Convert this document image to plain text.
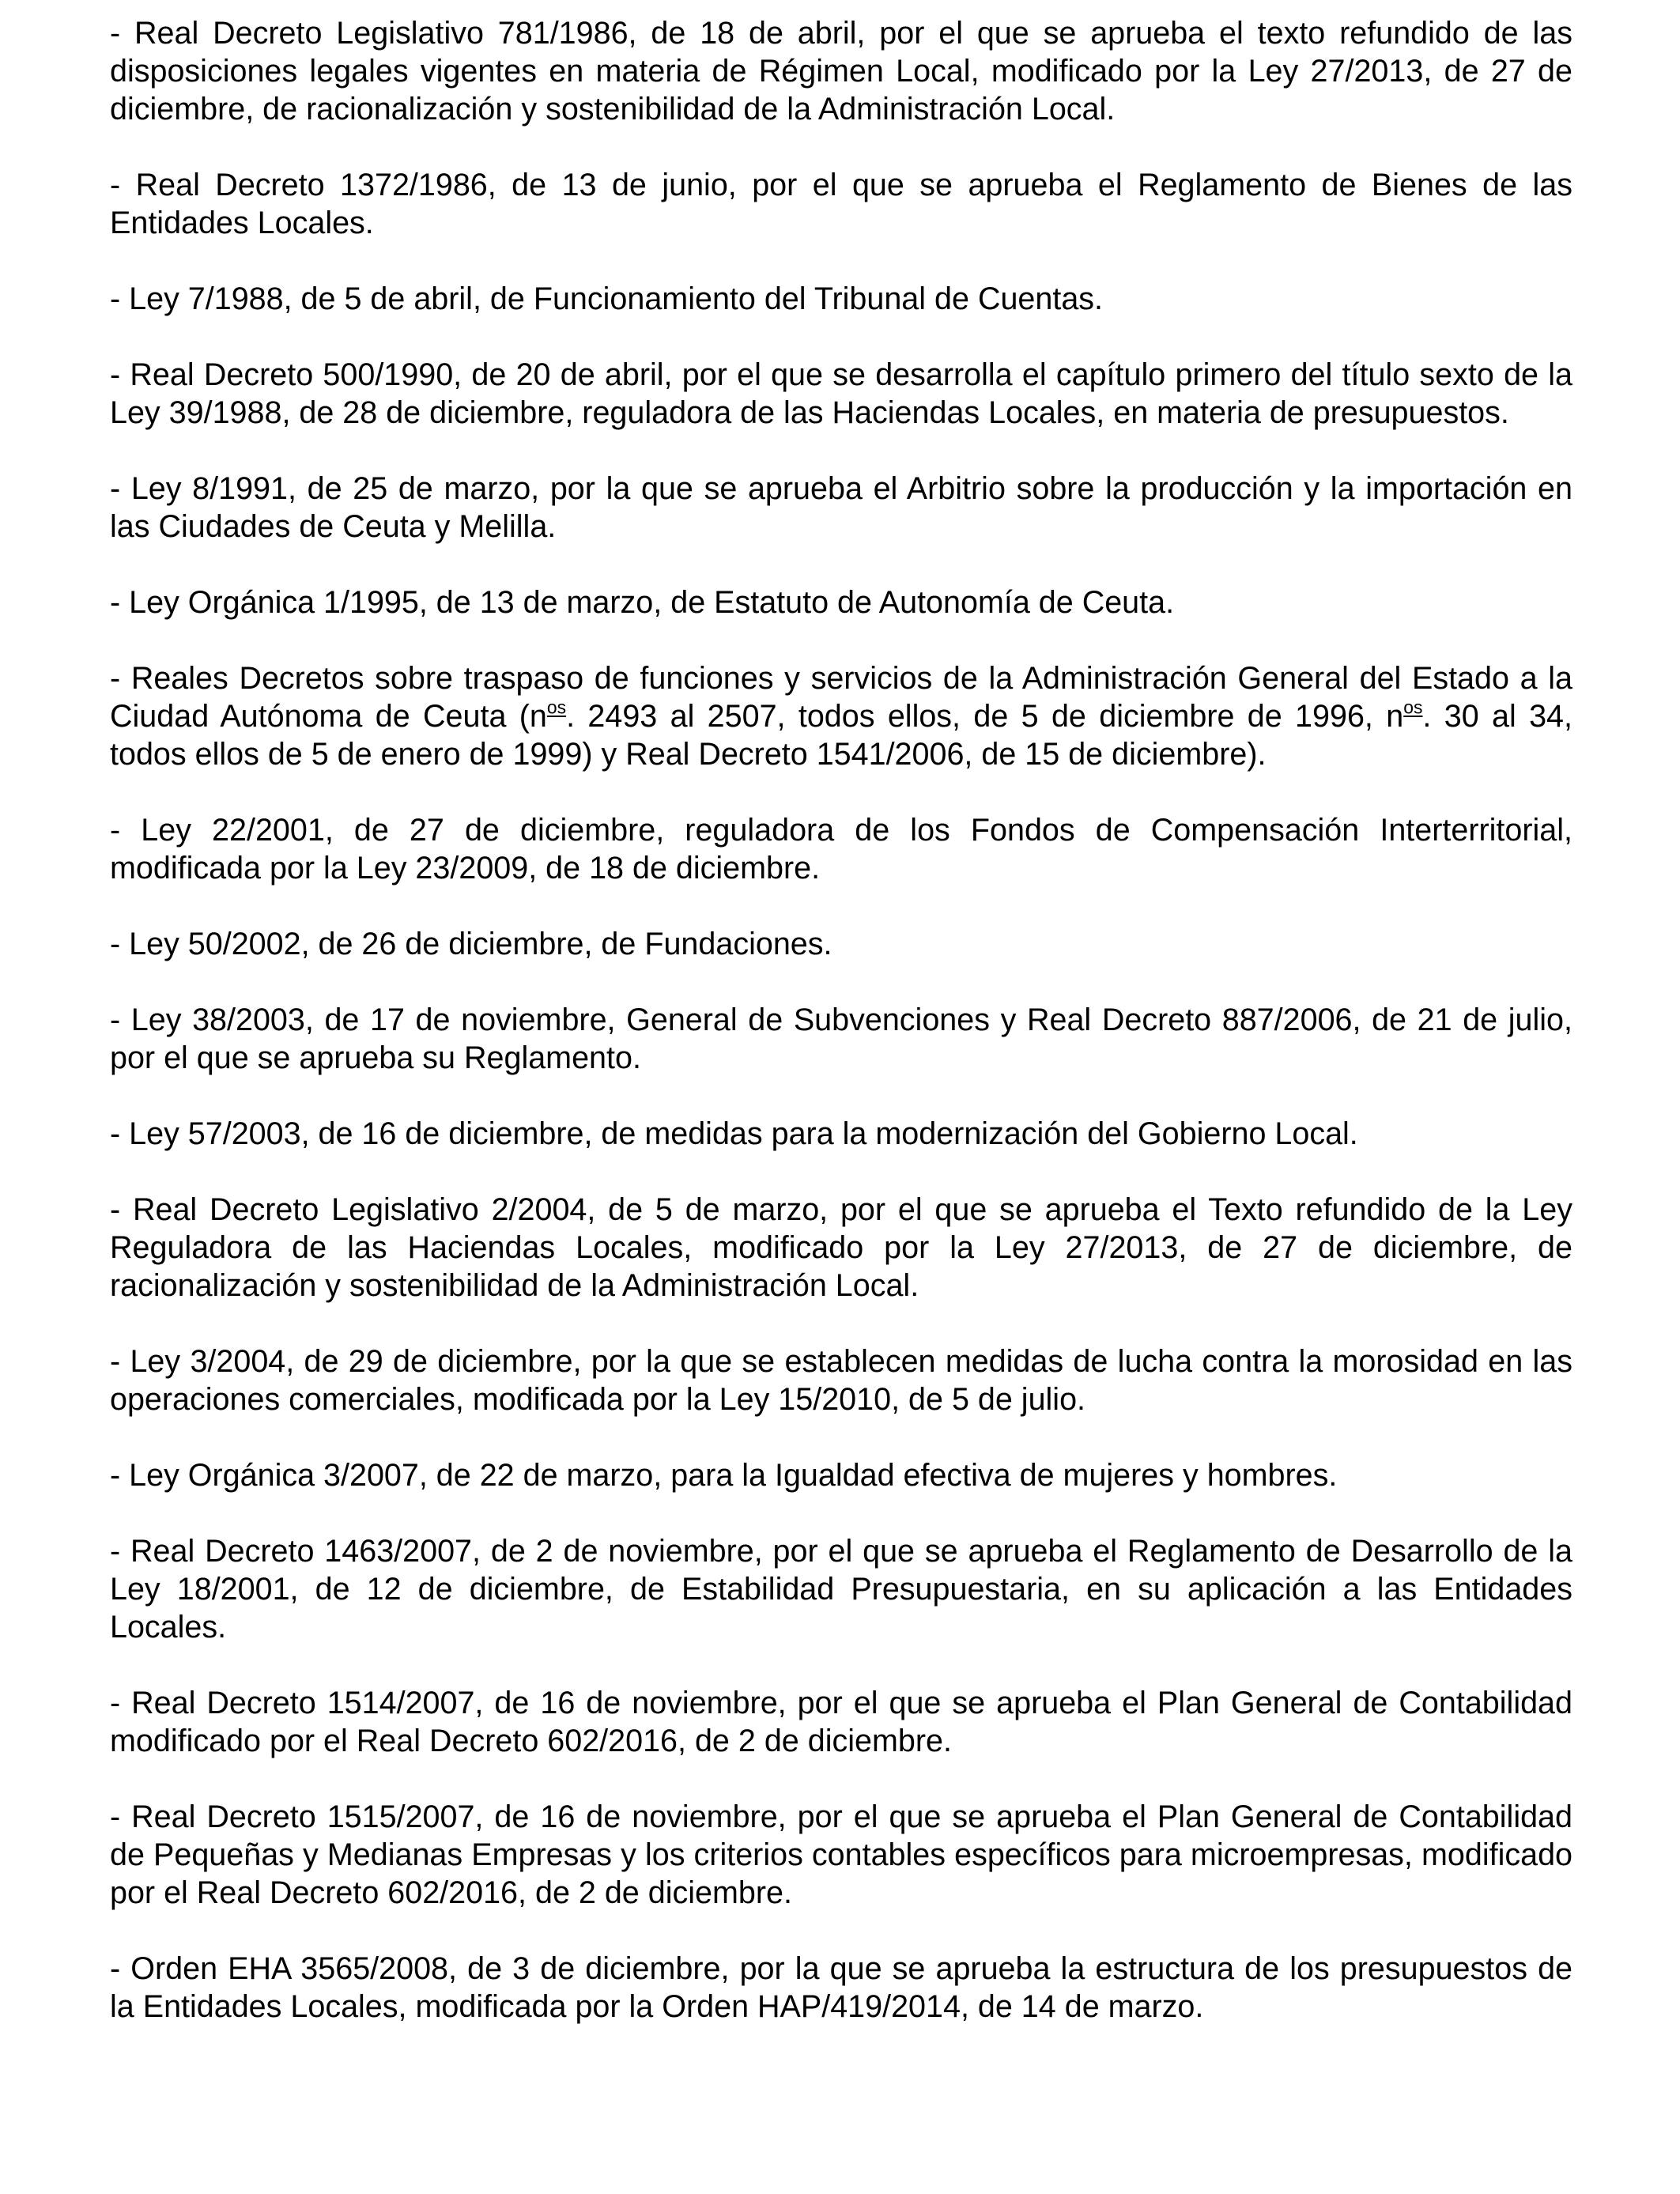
- Real Decreto Legislativo 781/1986, de 18 de abril, por el que se aprueba el texto refundido de las disposiciones legales vigentes en materia de Régimen Local, modificado por la Ley 27/2013, de 27 de diciembre, de racionalización y sostenibilidad de la Administración Local.

- Real Decreto 1372/1986, de 13 de junio, por el que se aprueba el Reglamento de Bienes de las Entidades Locales.

- Ley 7/1988, de 5 de abril, de Funcionamiento del Tribunal de Cuentas.

- Real Decreto 500/1990, de 20 de abril, por el que se desarrolla el capítulo primero del título sexto de la Ley 39/1988, de 28 de diciembre, reguladora de las Haciendas Locales, en materia de presupuestos.

- Ley 8/1991, de 25 de marzo, por la que se aprueba el Arbitrio sobre la producción y la importación en las Ciudades de Ceuta y Melilla.

- Ley Orgánica 1/1995, de 13 de marzo, de Estatuto de Autonomía de Ceuta.

- Reales Decretos sobre traspaso de funciones y servicios de la Administración General del Estado a la Ciudad Autónoma de Ceuta ($n^{os}$. 2493 al 2507, todos ellos, de 5 de diciembre de 1996, $n^{os}$. 30 al 34, todos ellos de 5 de enero de 1999) y Real Decreto 1541/2006, de 15 de diciembre).

- Ley 22/2001, de 27 de diciembre, reguladora de los Fondos de Compensación Interterritorial, modificada por la Ley 23/2009, de 18 de diciembre.

- Ley 50/2002, de 26 de diciembre, de Fundaciones.

- Ley 38/2003, de 17 de noviembre, General de Subvenciones y Real Decreto 887/2006, de 21 de julio, por el que se aprueba su Reglamento.

- Ley 57/2003, de 16 de diciembre, de medidas para la modernización del Gobierno Local.

- Real Decreto Legislativo 2/2004, de 5 de marzo, por el que se aprueba el Texto refundido de la Ley Reguladora de las Haciendas Locales, modificado por la Ley 27/2013, de 27 de diciembre, de racionalización y sostenibilidad de la Administración Local.

- Ley 3/2004, de 29 de diciembre, por la que se establecen medidas de lucha contra la morosidad en las operaciones comerciales, modificada por la Ley 15/2010, de 5 de julio.

- Ley Orgánica 3/2007, de 22 de marzo, para la Igualdad efectiva de mujeres y hombres.

- Real Decreto 1463/2007, de 2 de noviembre, por el que se aprueba el Reglamento de Desarrollo de la Ley 18/2001, de 12 de diciembre, de Estabilidad Presupuestaria, en su aplicación a las Entidades Locales.

- Real Decreto 1514/2007, de 16 de noviembre, por el que se aprueba el Plan General de Contabilidad modificado por el Real Decreto 602/2016, de 2 de diciembre.

- Real Decreto 1515/2007, de 16 de noviembre, por el que se aprueba el Plan General de Contabilidad de Pequeñas y Medianas Empresas y los criterios contables específicos para microempresas, modificado por el Real Decreto 602/2016, de 2 de diciembre.

- Orden EHA 3565/2008, de 3 de diciembre, por la que se aprueba la estructura de los presupuestos de la Entidades Locales, modificada por la Orden HAP/419/2014, de 14 de marzo.
